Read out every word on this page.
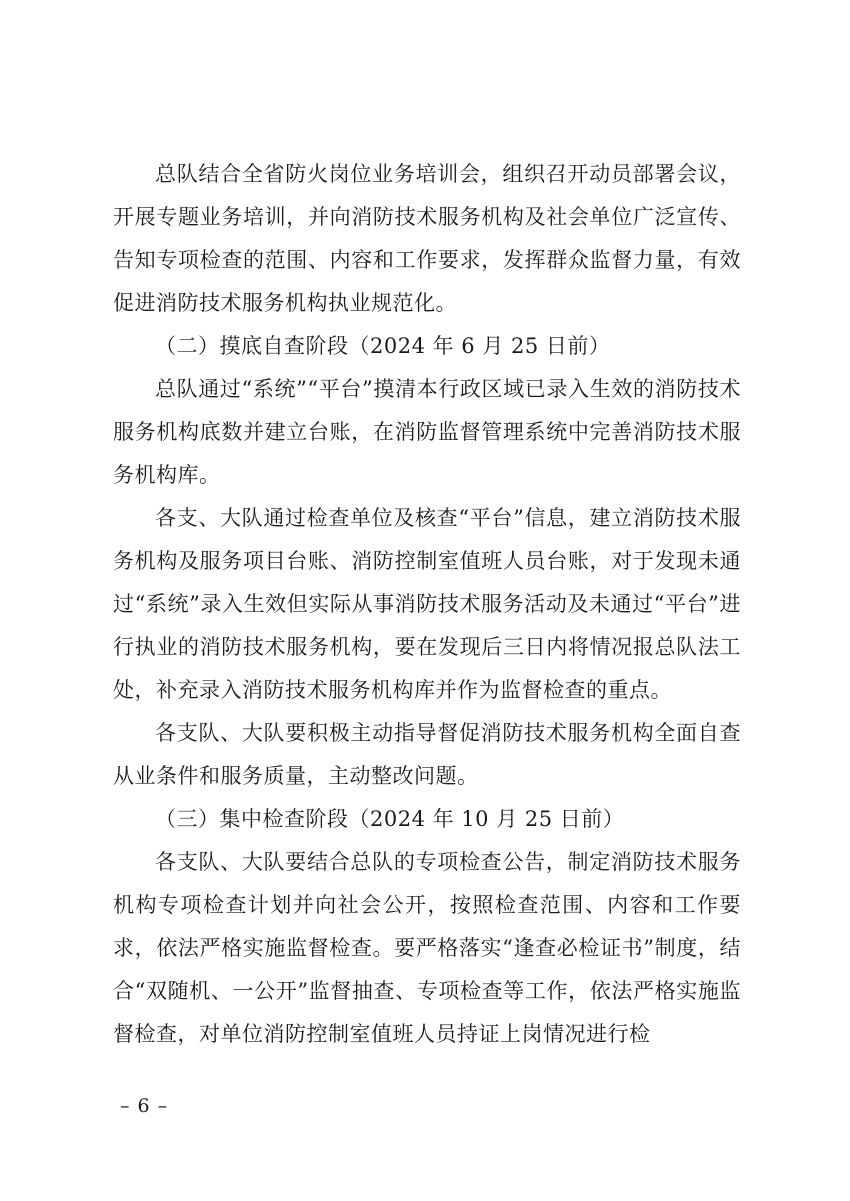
总队结合全省防火岗位业务培训会，组织召开动员部署会议，开展专题业务培训，并向消防技术服务机构及社会单位广泛宣传、告知专项检查的范围、内容和工作要求，发挥群众监督力量，有效促进消防技术服务机构执业规范化。

（二）摸底自查阶段（2024 年 6 月 25 日前）

总队通过“系统”“平台”摸清本行政区域已录入生效的消防技术服务机构底数并建立台账，在消防监督管理系统中完善消防技术服务机构库。

各支、大队通过检查单位及核查“平台”信息，建立消防技术服务机构及服务项目台账、消防控制室值班人员台账，对于发现未通过“系统”录入生效但实际从事消防技术服务活动及未通过“平台”进行执业的消防技术服务机构，要在发现后三日内将情况报总队法工处，补充录入消防技术服务机构库并作为监督检查的重点。

各支队、大队要积极主动指导督促消防技术服务机构全面自查从业条件和服务质量，主动整改问题。

（三）集中检查阶段（2024 年 10 月 25 日前）

各支队、大队要结合总队的专项检查公告，制定消防技术服务机构专项检查计划并向社会公开，按照检查范围、内容和工作要求，依法严格实施监督检查。要严格落实“逢查必检证书”制度，结合“双随机、一公开”监督抽查、专项检查等工作，依法严格实施监督检查，对单位消防控制室值班人员持证上岗情况进行检

– 6 –
